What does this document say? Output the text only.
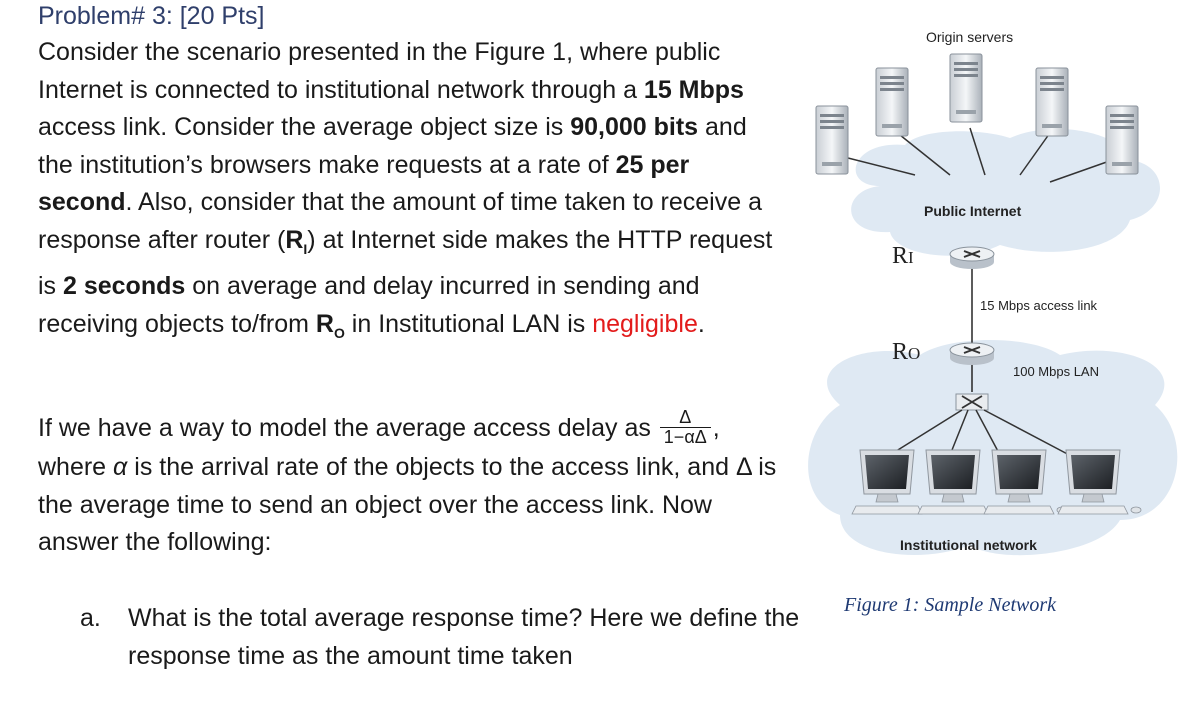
Problem# 3: [20 Pts]
Consider the scenario presented in the Figure 1, where public Internet is connected to institutional network through a 15 Mbps access link. Consider the average object size is 90,000 bits and the institution’s browsers make requests at a rate of 25 per second. Also, consider that the amount of time taken to receive a response after router $(R_I)$ at Internet side makes the HTTP request is 2 seconds on average and delay incurred in sending and receiving objects to/from $R_O$ in Institutional LAN is negligible.
If we have a way to model the average access delay as $\frac{\Delta}{1-\alpha\Delta}$ , where α is the arrival rate of the objects to the access link, and Δ is the average time to send an object over the access link. Now answer the following:
a.	What is the total average response time? Here we define the response time as the amount time taken
Origin servers
Public Internet
RI
RO
15 Mbps access link
100 Mbps LAN
Institutional network
Figure 1: Sample Network
